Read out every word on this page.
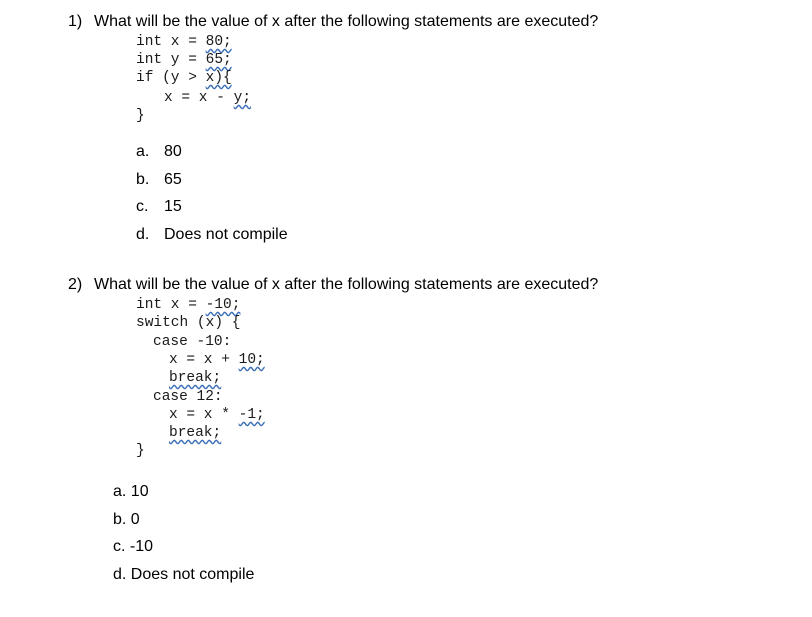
1) What will be the value of x after the following statements are executed?
int x = 80;
int y = 65;
if (y > x){
x = x - y;
}
a. 80
b. 65
c. 15
d. Does not compile
2) What will be the value of x after the following statements are executed?
int x = -10;
switch (x) {
case -10:
x = x + 10;
break;
case 12:
x = x * -1;
break;
}
a. 10
b. 0
c. -10
d. Does not compile
